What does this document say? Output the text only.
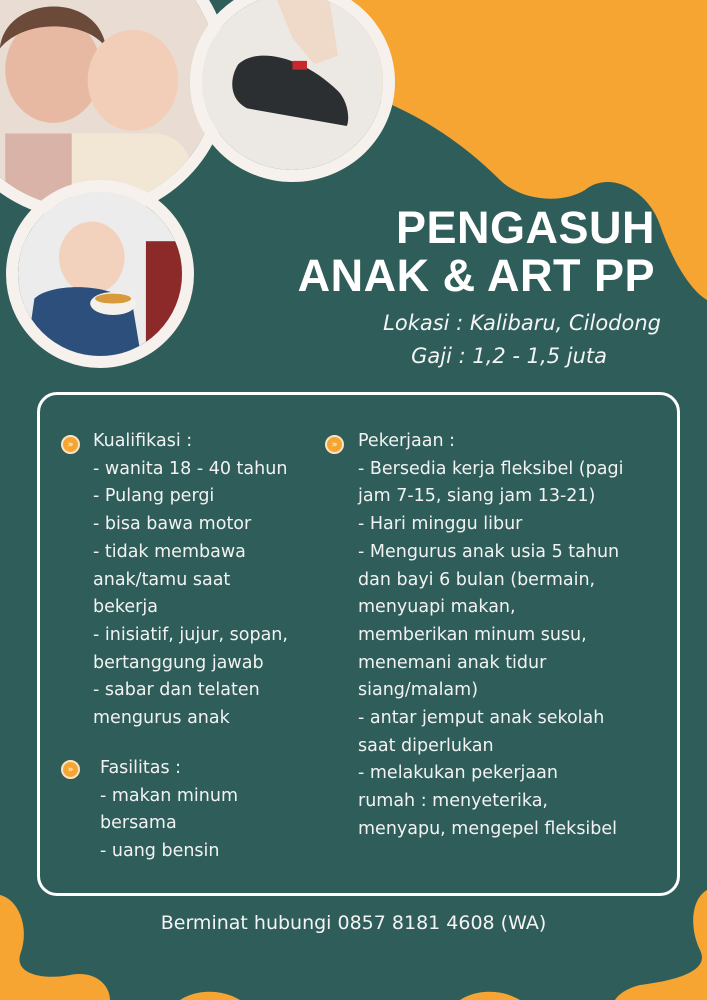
PENGASUH
ANAK & ART PP
Lokasi : Kalibaru, Cilodong
Gaji : 1,2 - 1,5 juta
»	Kualifikasi :
- wanita 18 - 40 tahun
- Pulang pergi
- bisa bawa motor
- tidak membawa
anak/tamu saat
bekerja
- inisiatif, jujur, sopan,
bertanggung jawab
- sabar dan telaten
mengurus anak
»	Fasilitas :
- makan minum
bersama
- uang bensin
»	Pekerjaan :
- Bersedia kerja fleksibel (pagi
jam 7-15, siang jam 13-21)
- Hari minggu libur
- Mengurus anak usia 5 tahun
dan bayi 6 bulan (bermain,
menyuapi makan,
memberikan minum susu,
menemani anak tidur
siang/malam)
- antar jemput anak sekolah
saat diperlukan
- melakukan pekerjaan
rumah : menyeterika,
menyapu, mengepel fleksibel
Berminat hubungi 0857 8181 4608 (WA)
